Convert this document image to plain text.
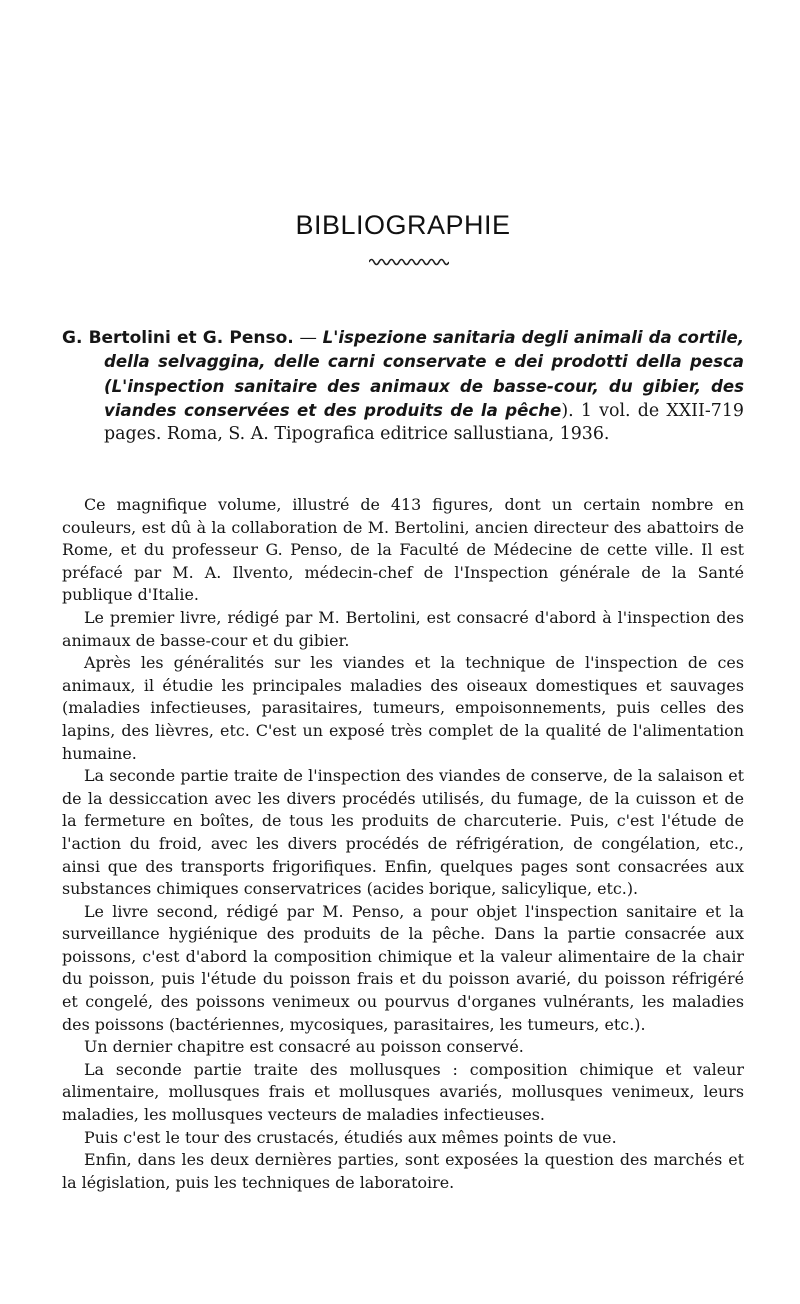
BIBLIOGRAPHIE

G. Bertolini et G. Penso. — L'ispezione sanitaria degli animali da cortile, della selvaggina, delle carni conservate e dei prodotti della pesca (L'inspection sanitaire des animaux de basse-cour, du gibier, des viandes conservées et des produits de la pêche). 1 vol. de XXII-719 pages. Roma, S. A. Tipografica editrice sallustiana, 1936.

Ce magnifique volume, illustré de 413 figures, dont un certain nombre en couleurs, est dû à la collaboration de M. Bertolini, ancien directeur des abattoirs de Rome, et du professeur G. Penso, de la Faculté de Médecine de cette ville. Il est préfacé par M. A. Ilvento, médecin-chef de l'Inspection générale de la Santé publique d'Italie.

Le premier livre, rédigé par M. Bertolini, est consacré d'abord à l'inspection des animaux de basse-cour et du gibier.

Après les généralités sur les viandes et la technique de l'inspection de ces animaux, il étudie les principales maladies des oiseaux domestiques et sauvages (maladies infectieuses, parasitaires, tumeurs, empoisonnements, puis celles des lapins, des lièvres, etc. C'est un exposé très complet de la qualité de l'alimentation humaine.

La seconde partie traite de l'inspection des viandes de conserve, de la salaison et de la dessiccation avec les divers procédés utilisés, du fumage, de la cuisson et de la fermeture en boîtes, de tous les produits de charcuterie. Puis, c'est l'étude de l'action du froid, avec les divers procédés de réfrigération, de congélation, etc., ainsi que des transports frigorifiques. Enfin, quelques pages sont consacrées aux substances chimiques conservatrices (acides borique, salicylique, etc.).

Le livre second, rédigé par M. Penso, a pour objet l'inspection sanitaire et la surveillance hygiénique des produits de la pêche. Dans la partie consacrée aux poissons, c'est d'abord la composition chimique et la valeur alimentaire de la chair du poisson, puis l'étude du poisson frais et du poisson avarié, du poisson réfrigéré et congelé, des poissons venimeux ou pourvus d'organes vulnérants, les maladies des poissons (bactériennes, mycosiques, parasitaires, les tumeurs, etc.).

Un dernier chapitre est consacré au poisson conservé.

La seconde partie traite des mollusques : composition chimique et valeur alimentaire, mollusques frais et mollusques avariés, mollusques venimeux, leurs maladies, les mollusques vecteurs de maladies infectieuses.

Puis c'est le tour des crustacés, étudiés aux mêmes points de vue.

Enfin, dans les deux dernières parties, sont exposées la question des marchés et la législation, puis les techniques de laboratoire.
